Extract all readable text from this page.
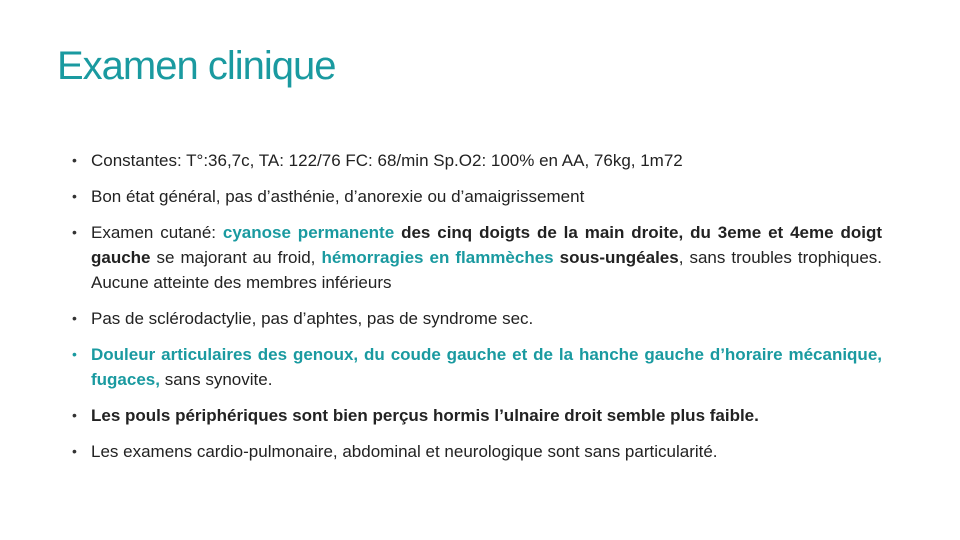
Examen clinique
• Constantes: T°:36,7c, TA: 122/76 FC: 68/min Sp.O2: 100% en AA, 76kg, 1m72
• Bon état général, pas d’asthénie, d’anorexie ou d’amaigrissement
• Examen cutané: cyanose permanente des cinq doigts de la main droite, du 3eme et 4eme doigt gauche se majorant au froid, hémorragies en flammèches sous-ungéales, sans troubles trophiques. Aucune atteinte des membres inférieurs
• Pas de sclérodactylie, pas d’aphtes, pas de syndrome sec.
• Douleur articulaires des genoux, du coude gauche et de la hanche gauche d’horaire mécanique, fugaces, sans synovite.
• Les pouls périphériques sont bien perçus hormis l’ulnaire droit semble plus faible.
• Les examens cardio-pulmonaire, abdominal et neurologique sont sans particularité.
